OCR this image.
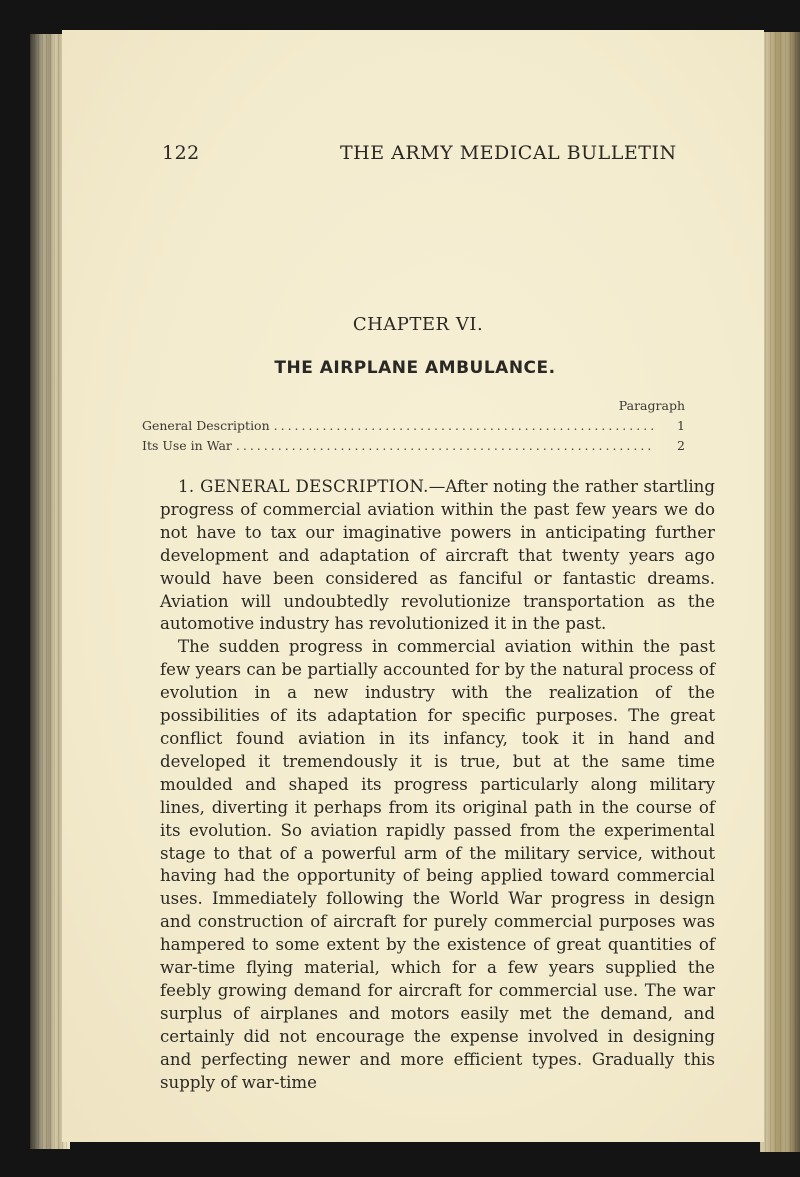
122	THE ARMY MEDICAL BULLETIN
CHAPTER VI.
THE AIRPLANE AMBULANCE.
Paragraph
General Description .....	1
Its Use in War .....	2

1. GENERAL DESCRIPTION.—After noting the rather startling progress of commercial aviation within the past few years we do not have to tax our imaginative powers in anticipating further development and adaptation of aircraft that twenty years ago would have been considered as fanciful or fantastic dreams. Aviation will undoubtedly revolutionize transportation as the automotive industry has revolutionized it in the past.

The sudden progress in commercial aviation within the past few years can be partially accounted for by the natural process of evolution in a new industry with the realization of the possibilities of its adaptation for specific purposes. The great conflict found aviation in its infancy, took it in hand and developed it tremendously it is true, but at the same time moulded and shaped its progress particularly along military lines, diverting it perhaps from its original path in the course of its evolution. So aviation rapidly passed from the experimental stage to that of a powerful arm of the military service, without having had the opportunity of being applied toward commercial uses. Immediately following the World War progress in design and construction of aircraft for purely commercial purposes was hampered to some extent by the existence of great quantities of war-time flying material, which for a few years supplied the feebly growing demand for aircraft for commercial use. The war surplus of airplanes and motors easily met the demand, and certainly did not encourage the expense involved in designing and perfecting newer and more efficient types. Gradually this supply of war-time
